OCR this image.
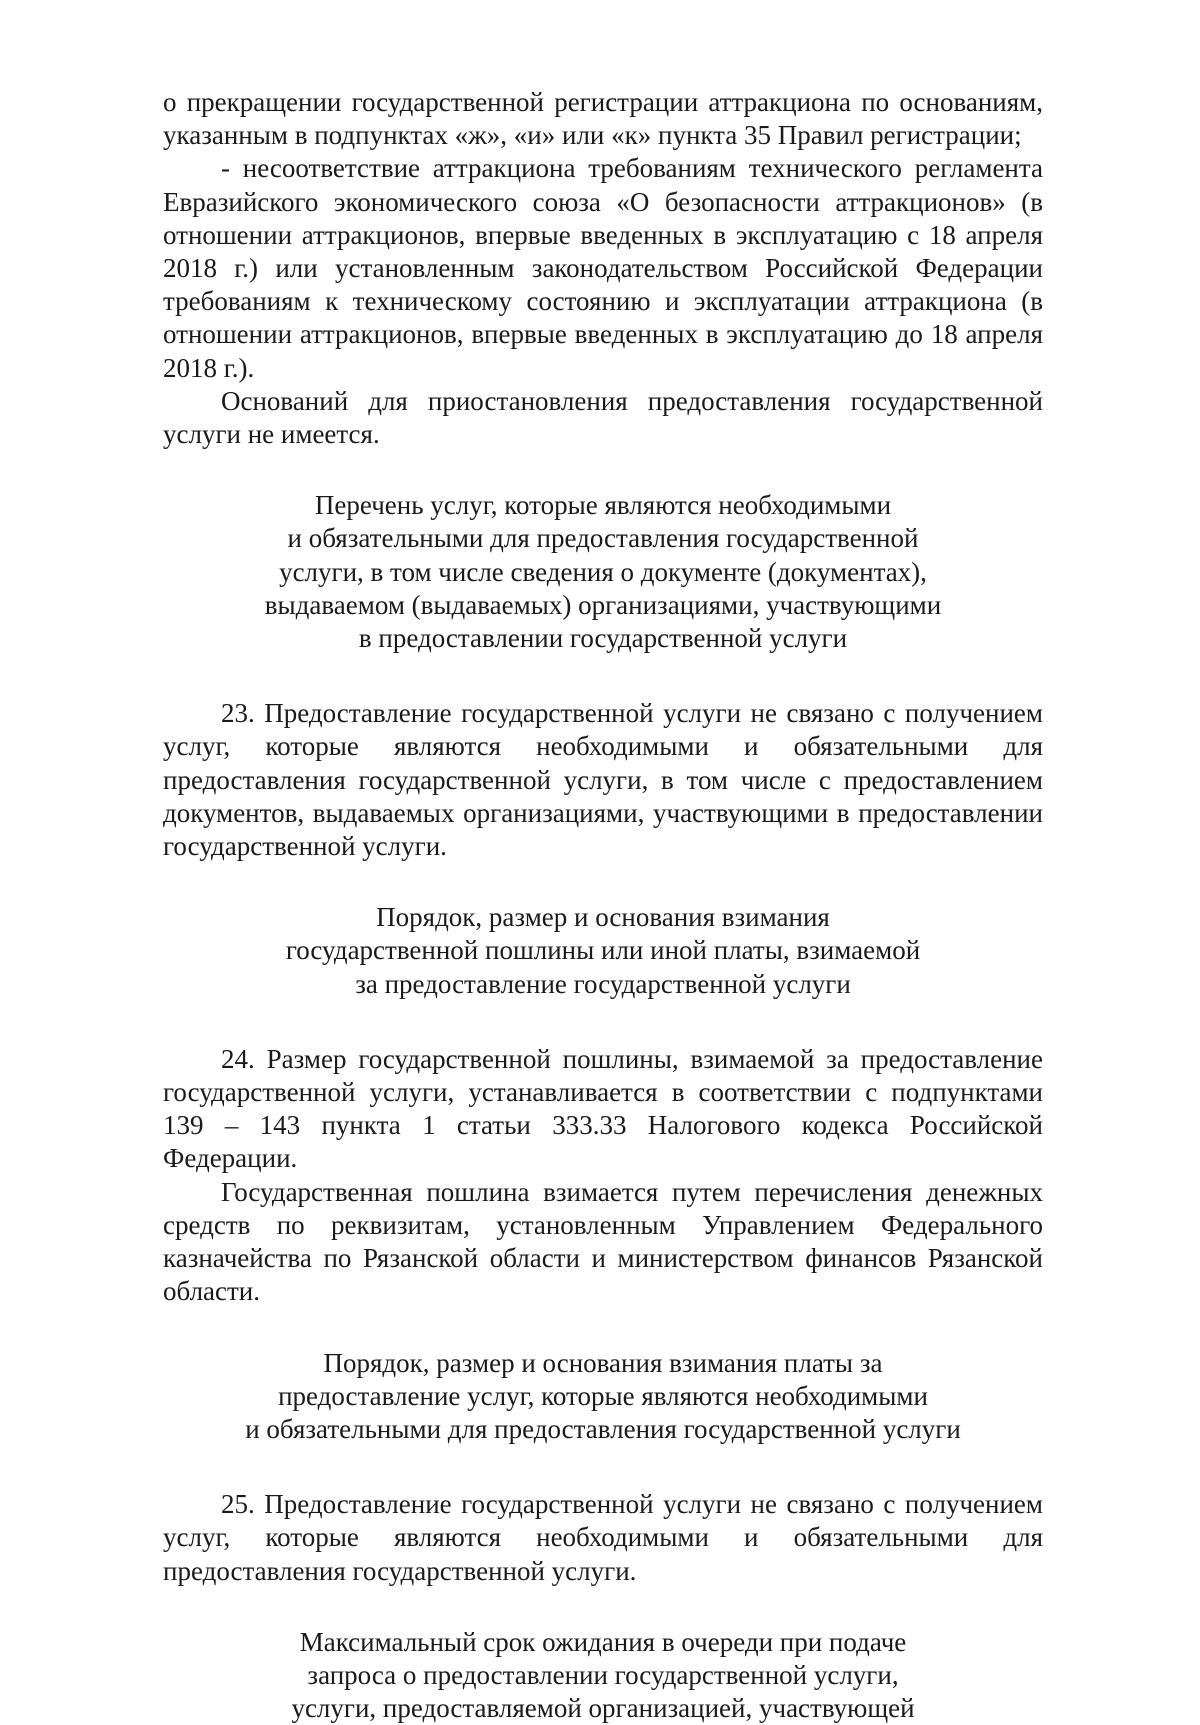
о прекращении государственной регистрации аттракциона по основаниям, указанным в подпунктах «ж», «и» или «к» пункта 35 Правил регистрации;

- несоответствие аттракциона требованиям технического регламента Евразийского экономического союза «О безопасности аттракционов» (в отношении аттракционов, впервые введенных в эксплуатацию с 18 апреля 2018 г.) или установленным законодательством Российской Федерации требованиям к техническому состоянию и эксплуатации аттракциона (в отношении аттракционов, впервые введенных в эксплуатацию до 18 апреля 2018 г.).

Оснований для приостановления предоставления государственной услуги не имеется.

Перечень услуг, которые являются необходимыми
и обязательными для предоставления государственной
услуги, в том числе сведения о документе (документах),
выдаваемом (выдаваемых) организациями, участвующими
в предоставлении государственной услуги

23. Предоставление государственной услуги не связано с получением услуг, которые являются необходимыми и обязательными для предоставления государственной услуги, в том числе с предоставлением документов, выдаваемых организациями, участвующими в предоставлении государственной услуги.

Порядок, размер и основания взимания
государственной пошлины или иной платы, взимаемой
за предоставление государственной услуги

24. Размер государственной пошлины, взимаемой за предоставление государственной услуги, устанавливается в соответствии с подпунктами 139 – 143 пункта 1 статьи 333.33 Налогового кодекса Российской Федерации.

Государственная пошлина взимается путем перечисления денежных средств по реквизитам, установленным Управлением Федерального казначейства по Рязанской области и министерством финансов Рязанской области.

Порядок, размер и основания взимания платы за
предоставление услуг, которые являются необходимыми
и обязательными для предоставления государственной услуги

25. Предоставление государственной услуги не связано с получением услуг, которые являются необходимыми и обязательными для предоставления государственной услуги.

Максимальный срок ожидания в очереди при подаче
запроса о предоставлении государственной услуги,
услуги, предоставляемой организацией, участвующей
